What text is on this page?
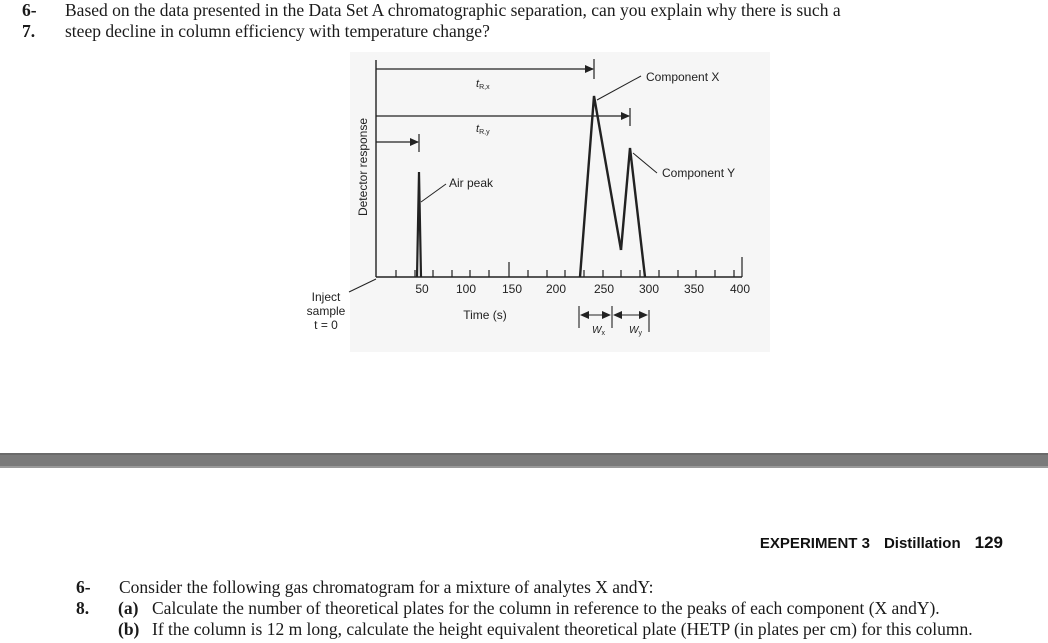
6-7.
Based on the data presented in the Data Set A chromatographic separation, can you explain why there is such a
steep decline in column efficiency with temperature change?
Detector response
Time (s)
Component X
Component Y
Air peak
tR,x
tR,y
$W_x$ $W_y$
Inject
sample
t = 0
50 100 150 200 250 300 350 400
EXPERIMENT 3 Distillation 129
6-8.
Consider the following gas chromatogram for a mixture of analytes X andY:
(a) Calculate the number of theoretical plates for the column in reference to the peaks of each component (X andY).
(b) If the column is 12 m long, calculate the height equivalent theoretical plate (HETP (in plates per cm) for this column.
